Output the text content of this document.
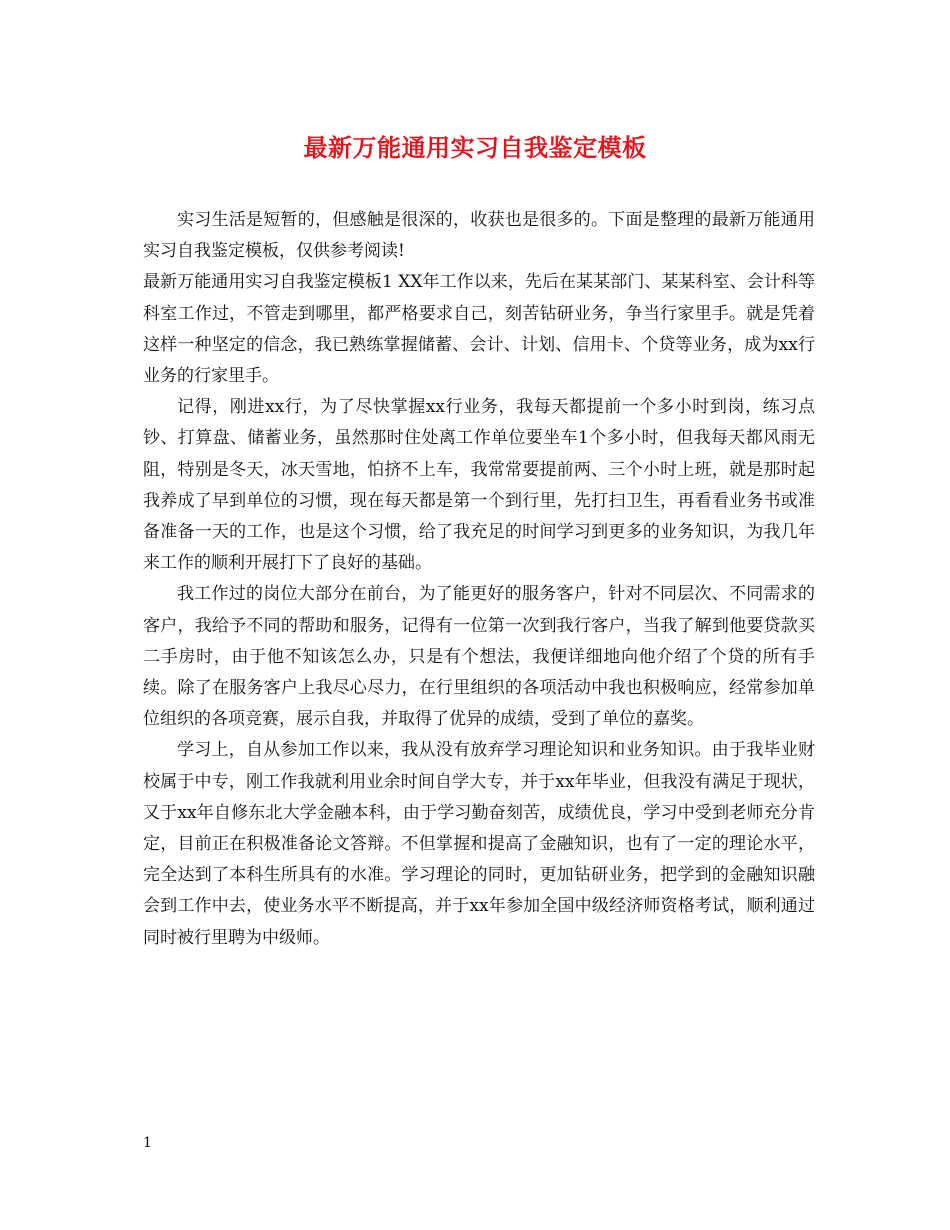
最新万能通用实习自我鉴定模板

实习生活是短暂的，但感触是很深的，收获也是很多的。下面是整理的最新万能通用实习自我鉴定模板，仅供参考阅读!

最新万能通用实习自我鉴定模板1 XX年工作以来，先后在某某部门、某某科室、会计科等科室工作过，不管走到哪里，都严格要求自己，刻苦钻研业务，争当行家里手。就是凭着这样一种坚定的信念，我已熟练掌握储蓄、会计、计划、信用卡、个贷等业务，成为xx行业务的行家里手。

记得，刚进xx行，为了尽快掌握xx行业务，我每天都提前一个多小时到岗，练习点钞、打算盘、储蓄业务，虽然那时住处离工作单位要坐车1个多小时，但我每天都风雨无阻，特别是冬天，冰天雪地，怕挤不上车，我常常要提前两、三个小时上班，就是那时起我养成了早到单位的习惯，现在每天都是第一个到行里，先打扫卫生，再看看业务书或准备准备一天的工作，也是这个习惯，给了我充足的时间学习到更多的业务知识，为我几年来工作的顺利开展打下了良好的基础。

我工作过的岗位大部分在前台，为了能更好的服务客户，针对不同层次、不同需求的客户，我给予不同的帮助和服务，记得有一位第一次到我行客户，当我了解到他要贷款买二手房时，由于他不知该怎么办，只是有个想法，我便详细地向他介绍了个贷的所有手续。除了在服务客户上我尽心尽力，在行里组织的各项活动中我也积极响应，经常参加单位组织的各项竞赛，展示自我，并取得了优异的成绩，受到了单位的嘉奖。

学习上，自从参加工作以来，我从没有放弃学习理论知识和业务知识。由于我毕业财校属于中专，刚工作我就利用业余时间自学大专，并于xx年毕业，但我没有满足于现状，又于xx年自修东北大学金融本科，由于学习勤奋刻苦，成绩优良，学习中受到老师充分肯定，目前正在积极准备论文答辩。不但掌握和提高了金融知识，也有了一定的理论水平，完全达到了本科生所具有的水准。学习理论的同时，更加钻研业务，把学到的金融知识融会到工作中去，使业务水平不断提高，并于xx年参加全国中级经济师资格考试，顺利通过同时被行里聘为中级师。

1
